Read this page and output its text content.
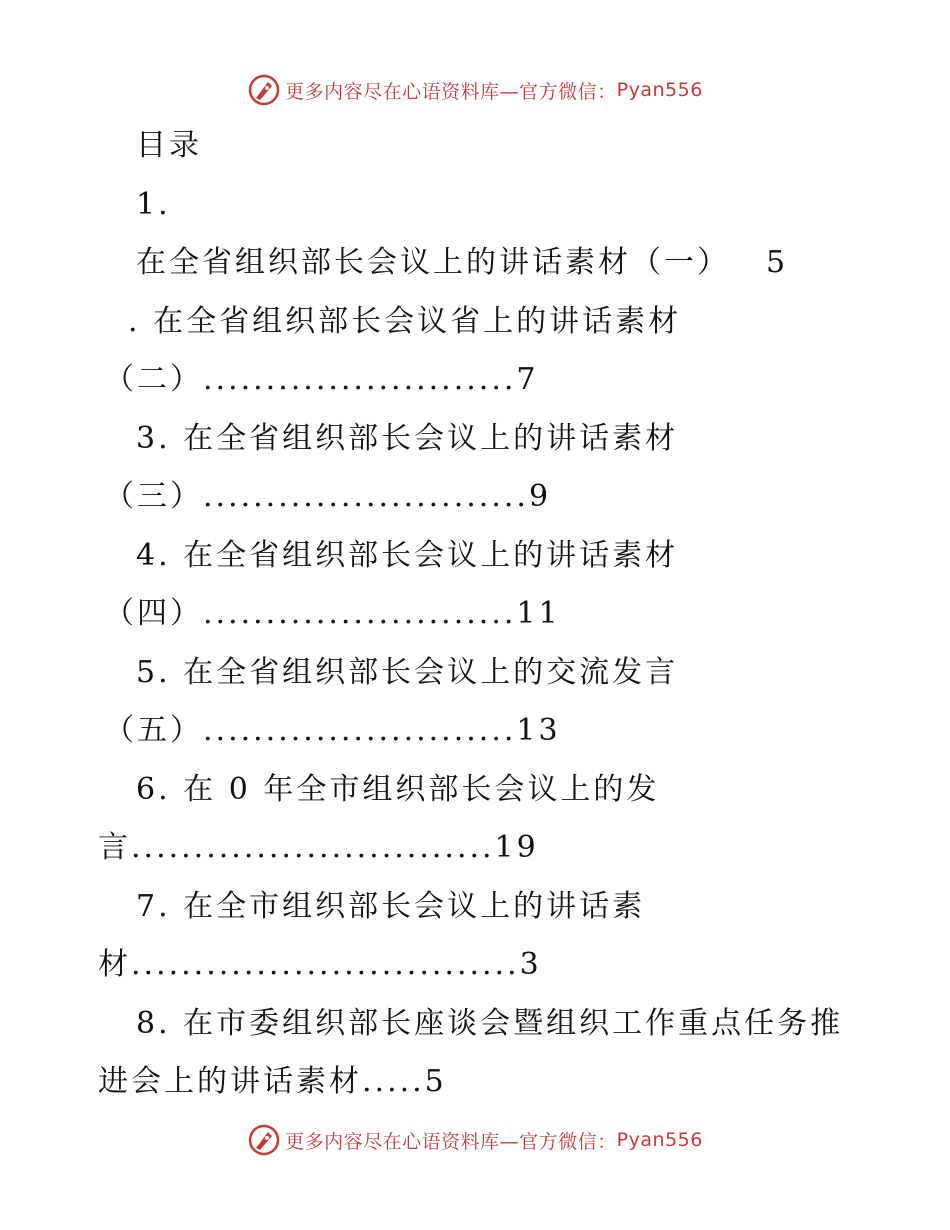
更多内容尽在心语资料库—官方微信： Pyan556
目录
1.
在全省组织部长会议上的讲话素材（一） 5
. 在全省组织部长会议省上的讲话素材
（二）.........................7
3. 在全省组织部长会议上的讲话素材
（三）..........................9
4. 在全省组织部长会议上的讲话素材
（四）.........................11
5. 在全省组织部长会议上的交流发言
（五）.........................13
6. 在 0 年全市组织部长会议上的发
言.............................19
7. 在全市组织部长会议上的讲话素
材...............................3
8. 在市委组织部长座谈会暨组织工作重点任务推
进会上的讲话素材.....5
更多内容尽在心语资料库—官方微信： Pyan556
